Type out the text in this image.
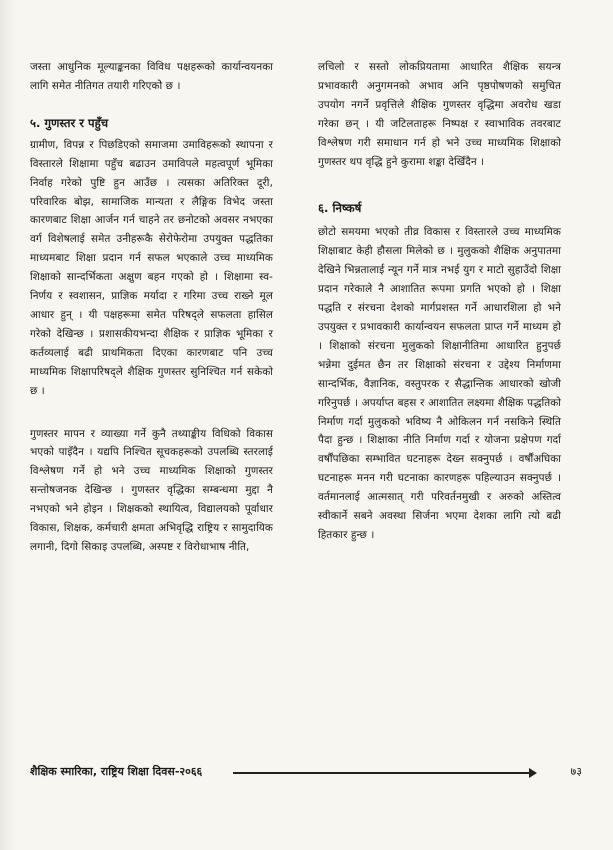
जस्ता आधुनिक मूल्याङ्कनका विविध पक्षहरूको कार्यान्वयनका लागि समेत नीतिगत तयारी गरिएकोे छ ।

५. गुणस्तर र पहुँच

ग्रामीण, विपन्न र पिछडिएको समाजमा उमाविहरूको स्थापना र विस्तारले शिक्षामा पहुँच बढाउन उमाविपले महत्वपूर्ण भूमिका निर्वाह गरेको पुष्टि हुन आउँछ । त्यसका अतिरिक्त दूरी, परिवारिक बोझ, सामाजिक मान्यता र लैङ्गिक विभेद जस्ता कारणबाट शिक्षा आर्जन गर्न चाहने तर छनोटको अवसर नभएका वर्ग विशेषलाई समेत उनीहरूकै सेरोफेरोमा उपयुक्त पद्धतिका माध्यमबाट शिक्षा प्रदान गर्न सफल भएकाले उच्च माध्यमिक शिक्षाको सान्दर्भिकता अक्षुण बहन गएको हो । शिक्षामा स्व-निर्णय र स्वशासन, प्राज्ञिक मर्यादा र गरिमा उच्च राख्ने मूल आधार हुन् । यी पक्षहरूमा समेत परिषद्ले सफलता हासिल गरेको देखिन्छ । प्रशासकीयभन्दा शैक्षिक र प्राज्ञिक भूमिका र कर्तव्यलाई बढी प्राथमिकता दिएका कारणबाट पनि उच्च माध्यमिक शिक्षापरिषद्ले शैक्षिक गुणस्तर सुनिश्चित गर्न सकेको छ ।

गुणस्तर मापन र व्याख्या गर्ने कुनै तथ्याङ्कीय विधिको विकास भएको पाइँदैन । यद्यपि निश्चित सूचकहरूको उपलब्धि स्तरलाई विश्लेषण गर्ने हो भने उच्च माध्यमिक शिक्षाको गुणस्तर सन्तोषजनक देखिन्छ । गुणस्तर वृद्धिका सम्बन्धमा मुद्दा नै नभएको भने होइन । शिक्षकको स्थायित्व, विद्यालयको पूर्वाधार विकास, शिक्षक, कर्मचारी क्षमता अभिवृद्धि राष्ट्रिय र सामुदायिक लगानी, दिगो सिकाइ उपलब्धि, अस्पष्ट र विरोधाभाष नीति,

लचिलो र सस्तो लोकप्रियतामा आधारित शैक्षिक सयन्त्र प्रभावकारी अनुगमनको अभाव अनि पृष्ठपोषणको समुचित उपयोग नगर्ने प्रवृत्तिले शैक्षिक गुणस्तर वृद्धिमा अवरोध खडा गरेका छन् । यी जटिलताहरू निष्पक्ष र स्वाभाविक तवरबाट विश्लेषण गरी समाधान गर्न हो भने उच्च माध्यमिक शिक्षाको गुणस्तर थप वृद्धि हुने कुरामा शङ्का देखिँदैन ।

६. निष्कर्ष

छोटो समयमा भएको तीव्र विकास र विस्तारले उच्च माध्यमिक शिक्षाबाट केही हौसला मिलेको छ । मुलुकको शैक्षिक अनुपातमा देखिने भिन्नतालाई न्यून गर्ने मात्र नभई युग र माटो सुहाउँदो शिक्षा प्रदान गरेकाले नै आशातित रूपमा प्रगति भएको हो । शिक्षा पद्धति र संरचना देशको मार्गप्रशस्त गर्ने आधारशिला हो भने उपयुक्त र प्रभावकारी कार्यान्वयन सफलता प्राप्त गर्ने माध्यम हो । शिक्षाको संरचना मुलुकको शिक्षानीतिमा आधारित हुनुपर्छ भन्नेमा दुईमत छैन तर शिक्षाको संरचना र उद्देश्य निर्माणमा सान्दर्भिक, वैज्ञानिक, वस्तुपरक र सैद्धान्तिक आधारको खोजी गरिनुपर्छ । अपर्याप्त बहस र आशातित लक्ष्यमा शैक्षिक पद्धतिको निर्माण गर्दा मुलुकको भविष्य नै ओकिलन गर्न नसकिने स्थिति पैदा हुन्छ । शिक्षाका नीति निर्माण गर्दा र योजना प्रक्षेपण गर्दा वर्षौंपछिका सम्भावित घटनाहरू देख्न सक्नुपर्छ । वर्षौंअघिका घटनाहरू मनन गरी घटनाका कारणहरू पहिल्याउन सक्नुपर्छ । वर्तमानलाई आत्मसात् गरी परिवर्तनमुखी र अरुको अस्तित्व स्वीकार्ने सबने अवस्था सिर्जना भएमा देशका लागि त्यो बढी हितकार हुन्छ ।

शैक्षिक स्मारिका, राष्ट्रिय शिक्षा दिवस-२०६६	७३
